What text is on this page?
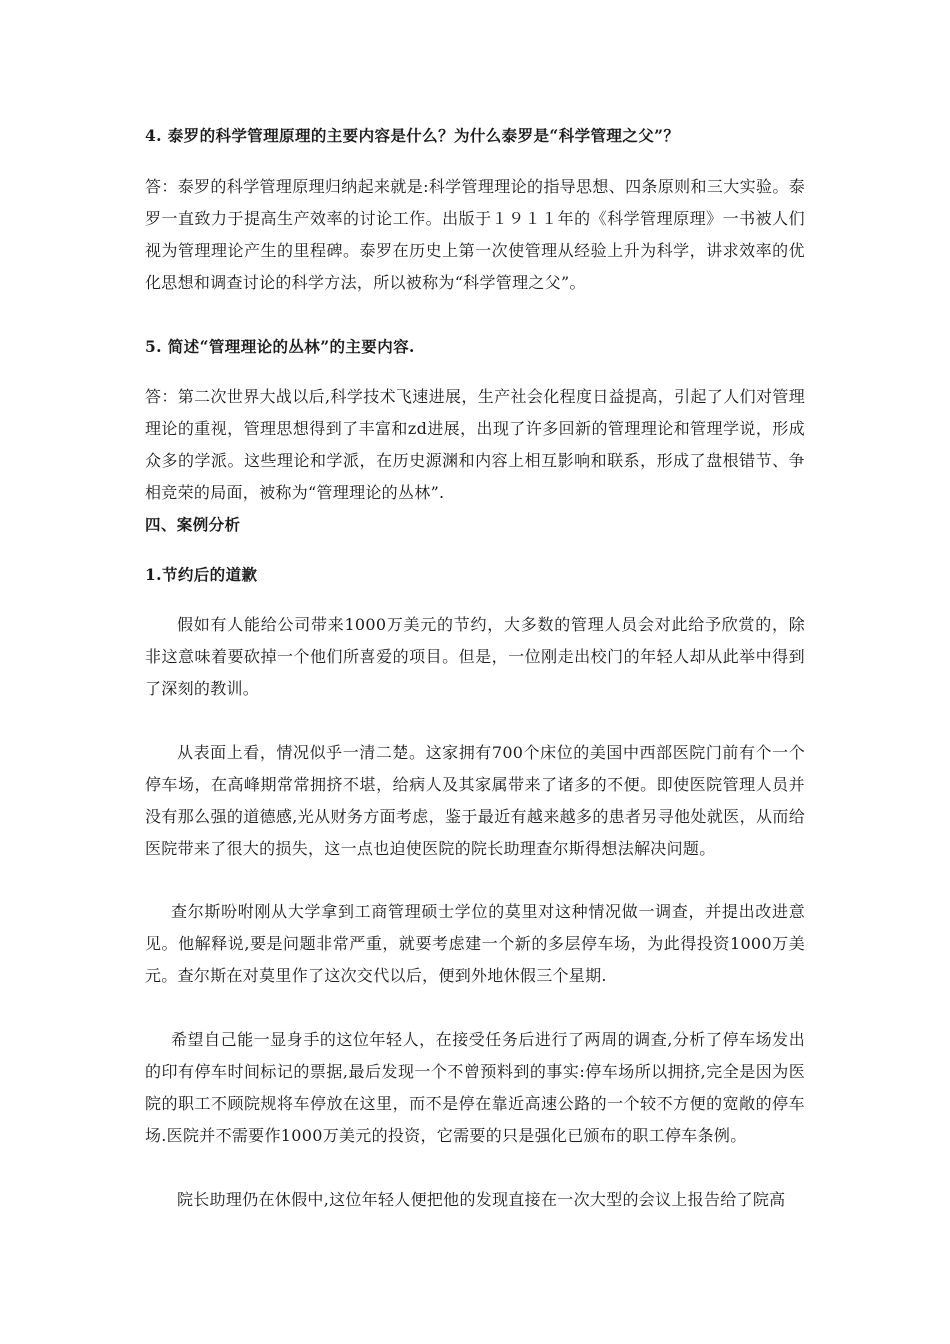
4. 泰罗的科学管理原理的主要内容是什么？为什么泰罗是“科学管理之父”？
答：泰罗的科学管理原理归纳起来就是:科学管理理论的指导思想、四条原则和三大实验。泰罗一直致力于提高生产效率的讨论工作。出版于１９１１年的《科学管理原理》一书被人们视为管理理论产生的里程碑。泰罗在历史上第一次使管理从经验上升为科学，讲求效率的优化思想和调查讨论的科学方法，所以被称为“科学管理之父”。
5. 简述“管理理论的丛林”的主要内容.
答：第二次世界大战以后,科学技术飞速进展，生产社会化程度日益提高，引起了人们对管理理论的重视，管理思想得到了丰富和zd进展，出现了许多回新的管理理论和管理学说，形成众多的学派。这些理论和学派，在历史源渊和内容上相互影响和联系，形成了盘根错节、争相竞荣的局面，被称为“管理理论的丛林”.
四、案例分析
1.节约后的道歉
假如有人能给公司带来1000万美元的节约，大多数的管理人员会对此给予欣赏的，除非这意味着要砍掉一个他们所喜爱的项目。但是，一位刚走出校门的年轻人却从此举中得到了深刻的教训。
从表面上看，情况似乎一清二楚。这家拥有700个床位的美国中西部医院门前有个一个停车场，在高峰期常常拥挤不堪，给病人及其家属带来了诸多的不便。即使医院管理人员并没有那么强的道德感,光从财务方面考虑，鉴于最近有越来越多的患者另寻他处就医，从而给医院带来了很大的损失，这一点也迫使医院的院长助理查尔斯得想法解决问题。
查尔斯吩咐刚从大学拿到工商管理硕士学位的莫里对这种情况做一调查，并提出改进意见。他解释说,要是问题非常严重，就要考虑建一个新的多层停车场，为此得投资1000万美元。查尔斯在对莫里作了这次交代以后，便到外地休假三个星期.
希望自己能一显身手的这位年轻人，在接受任务后进行了两周的调查,分析了停车场发出的印有停车时间标记的票据,最后发现一个不曾预料到的事实:停车场所以拥挤,完全是因为医院的职工不顾院规将车停放在这里，而不是停在靠近高速公路的一个较不方便的宽敞的停车场.医院并不需要作1000万美元的投资，它需要的只是强化已颁布的职工停车条例。
院长助理仍在休假中,这位年轻人便把他的发现直接在一次大型的会议上报告给了院高
